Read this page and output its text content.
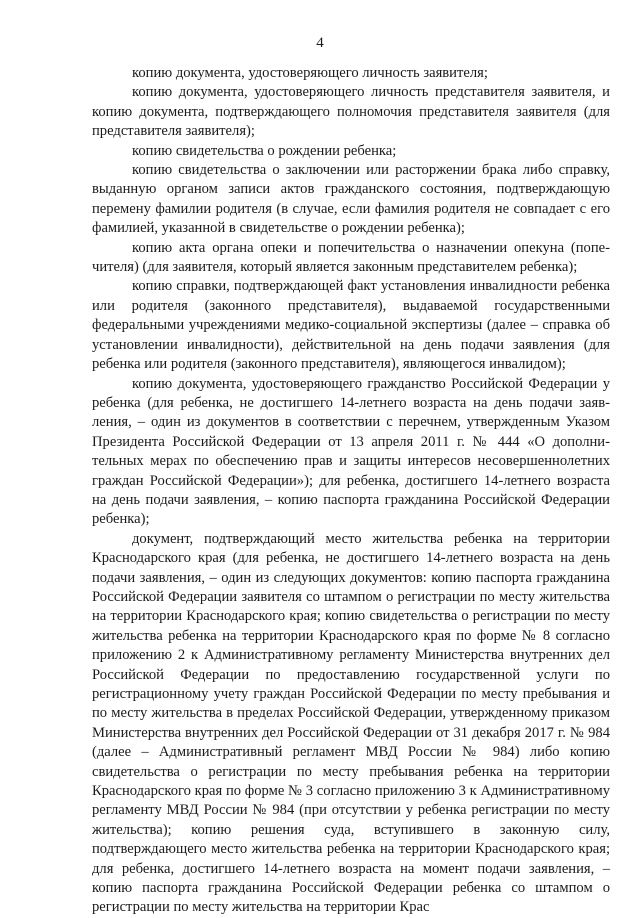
4

копию документа, удостоверяющего личность заявителя;

копию документа, удостоверяющего личность представителя заявителя, и копию документа, подтверждающего полномочия представителя заявителя (для представителя заявителя);

копию свидетельства о рождении ребенка;

копию свидетельства о заключении или расторжении брака либо справку, выданную органом записи актов гражданского состояния, подтверждающую перемену фамилии родителя (в случае, если фамилия родителя не совпадает с его фамилией, указанной в свидетельстве о рождении ребенка);

копию акта органа опеки и попечительства о назначении опекуна (попечителя) (для заявителя, который является законным представителем ребенка);

копию справки, подтверждающей факт установления инвалидности ребенка или родителя (законного представителя), выдаваемой государственными федеральными учреждениями медико-социальной экспертизы (далее – справка об установлении инвалидности), действительной на день подачи заявления (для ребенка или родителя (законного представителя), являющегося инвалидом);

копию документа, удостоверяющего гражданство Российской Федерации у ребенка (для ребенка, не достигшего 14-летнего возраста на день подачи заявления, – один из документов в соответствии с перечнем, утвержденным Указом Президента Российской Федерации от 13 апреля 2011 г. № 444 «О дополнительных мерах по обеспечению прав и защиты интересов несовершеннолетних граждан Российской Федерации»); для ребенка, достигшего 14-летнего возраста на день подачи заявления, – копию паспорта гражданина Российской Федерации ребенка);

документ, подтверждающий место жительства ребенка на территории Краснодарского края (для ребенка, не достигшего 14-летнего возраста на день подачи заявления, – один из следующих документов: копию паспорта гражданина Российской Федерации заявителя со штампом о регистрации по месту жительства на территории Краснодарского края; копию свидетельства о регистрации по месту жительства ребенка на территории Краснодарского края по форме № 8 согласно приложению 2 к Административному регламенту Министерства внутренних дел Российской Федерации по предоставлению государственной услуги по регистрационному учету граждан Российской Федерации по месту пребывания и по месту жительства в пределах Российской Федерации, утвержденному приказом Министерства внутренних дел Российской Федерации от 31 декабря 2017 г. № 984 (далее – Административный регламент МВД России № 984) либо копию свидетельства о регистрации по месту пребывания ребенка на территории Краснодарского края по форме № 3 согласно приложению 3 к Административному регламенту МВД России № 984 (при отсутствии у ребенка регистрации по месту жительства); копию решения суда, вступившего в законную силу, подтверждающего место жительства ребенка на территории Краснодарского края; для ребенка, достигшего 14-летнего возраста на момент подачи заявления, – копию паспорта гражданина Российской Федерации ребенка со штампом о регистрации по месту жительства на территории Крас
